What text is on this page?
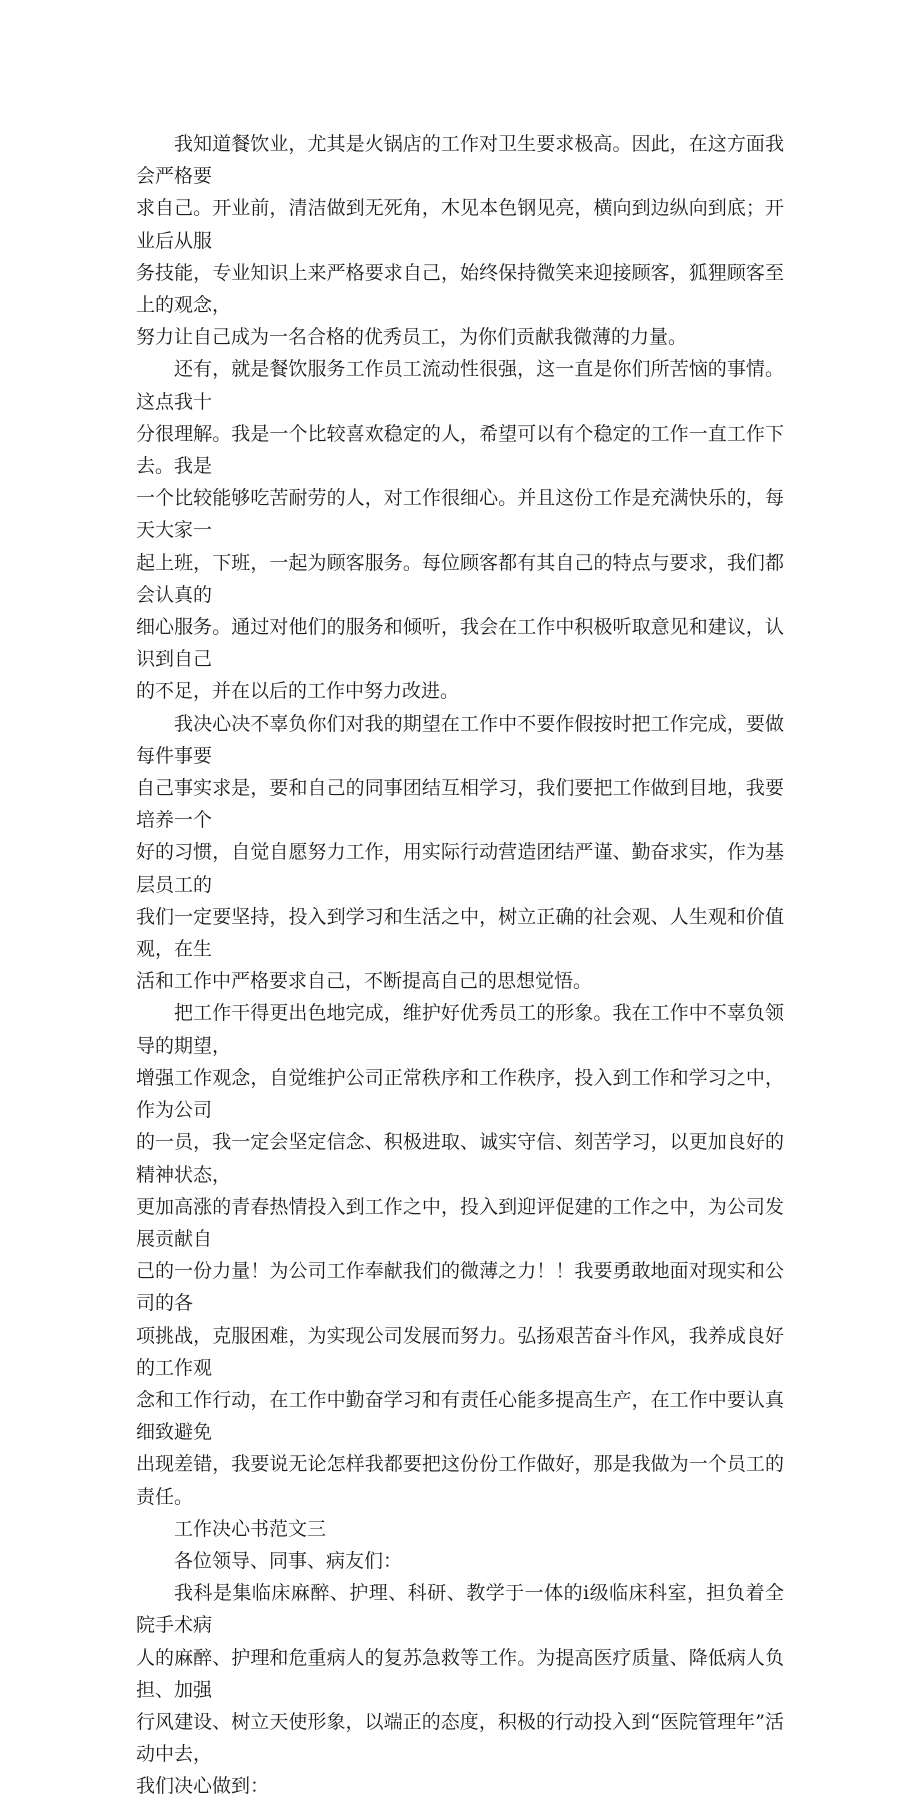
我知道餐饮业，尤其是火锅店的工作对卫生要求极高。因此，在这方面我会严格要
求自己。开业前，清洁做到无死角，木见本色钢见亮，横向到边纵向到底；开业后从服
务技能，专业知识上来严格要求自己，始终保持微笑来迎接顾客，狐狸顾客至上的观念，
努力让自己成为一名合格的优秀员工，为你们贡献我微薄的力量。

还有，就是餐饮服务工作员工流动性很强，这一直是你们所苦恼的事情。这点我十
分很理解。我是一个比较喜欢稳定的人，希望可以有个稳定的工作一直工作下去。我是
一个比较能够吃苦耐劳的人，对工作很细心。并且这份工作是充满快乐的，每天大家一
起上班，下班，一起为顾客服务。每位顾客都有其自己的特点与要求，我们都会认真的
细心服务。通过对他们的服务和倾听，我会在工作中积极听取意见和建议，认识到自己
的不足，并在以后的工作中努力改进。

我决心决不辜负你们对我的期望在工作中不要作假按时把工作完成，要做每件事要
自己事实求是，要和自己的同事团结互相学习，我们要把工作做到目地，我要培养一个
好的习惯，自觉自愿努力工作，用实际行动营造团结严谨、勤奋求实，作为基层员工的
我们一定要坚持，投入到学习和生活之中，树立正确的社会观、人生观和价值观，在生
活和工作中严格要求自己，不断提高自己的思想觉悟。

把工作干得更出色地完成，维护好优秀员工的形象。我在工作中不辜负领导的期望，
增强工作观念，自觉维护公司正常秩序和工作秩序，投入到工作和学习之中，作为公司
的一员，我一定会坚定信念、积极进取、诚实守信、刻苦学习，以更加良好的精神状态，
更加高涨的青春热情投入到工作之中，投入到迎评促建的工作之中，为公司发展贡献自
己的一份力量！为公司工作奉献我们的微薄之力！！我要勇敢地面对现实和公司的各
项挑战，克服困难，为实现公司发展而努力。弘扬艰苦奋斗作风，我养成良好的工作观
念和工作行动，在工作中勤奋学习和有责任心能多提高生产，在工作中要认真细致避免
出现差错，我要说无论怎样我都要把这份份工作做好，那是我做为一个员工的责任。

工作决心书范文三

各位领导、同事、病友们：

我科是集临床麻醉、护理、科研、教学于一体的i级临床科室，担负着全院手术病
人的麻醉、护理和危重病人的复苏急救等工作。为提高医疗质量、降低病人负担、加强
行风建设、树立天使形象，以端正的态度，积极的行动投入到“医院管理年”活动中去，
我们决心做到：
